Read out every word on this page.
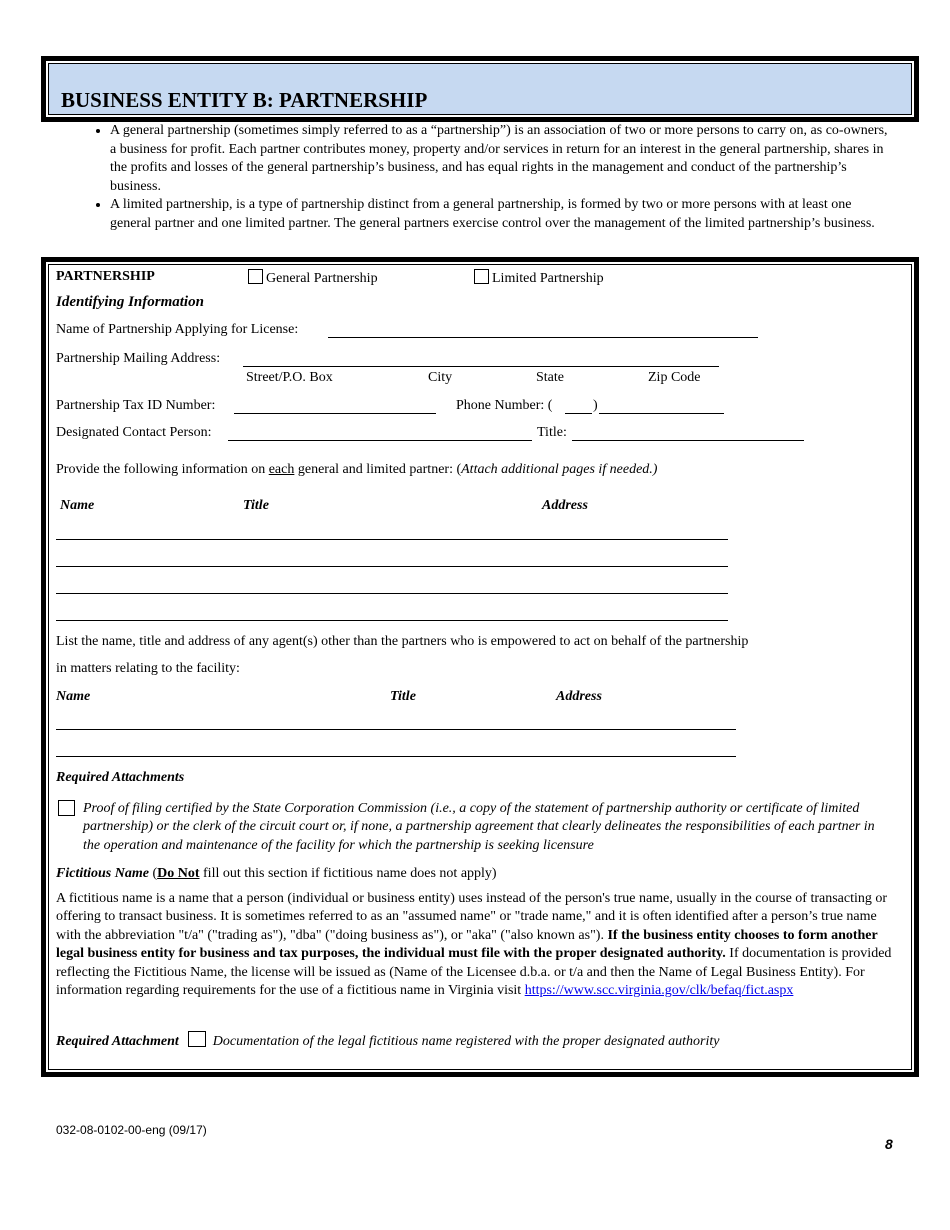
BUSINESS ENTITY B: PARTNERSHIP
• A general partnership (sometimes simply referred to as a “partnership”) is an association of two or more persons to carry on, as co-owners, a business for profit. Each partner contributes money, property and/or services in return for an interest in the general partnership, shares in the profits and losses of the general partnership’s business, and has equal rights in the management and conduct of the partnership’s business.
• A limited partnership, is a type of partnership distinct from a general partnership, is formed by two or more persons with at least one general partner and one limited partner. The general partners exercise control over the management of the limited partnership’s business.
PARTNERSHIP	General Partnership	Limited Partnership
Identifying Information
Name of Partnership Applying for License:
Partnership Mailing Address:
Street/P.O. Box	City	State	Zip Code
Partnership Tax ID Number:	Phone Number: (	)
Designated Contact Person:	Title:
Provide the following information on each general and limited partner: (Attach additional pages if needed.)
Name	Title	Address
List the name, title and address of any agent(s) other than the partners who is empowered to act on behalf of the partnership
in matters relating to the facility:
Name	Title	Address
Required Attachments
Proof of filing certified by the State Corporation Commission (i.e., a copy of the statement of partnership authority or certificate of limited partnership) or the clerk of the circuit court or, if none, a partnership agreement that clearly delineates the responsibilities of each partner in the operation and maintenance of the facility for which the partnership is seeking licensure
Fictitious Name (Do Not fill out this section if fictitious name does not apply)
A fictitious name is a name that a person (individual or business entity) uses instead of the person's true name, usually in the course of transacting or offering to transact business. It is sometimes referred to as an "assumed name" or "trade name," and it is often identified after a person’s true name with the abbreviation "t/a" ("trading as"), "dba" ("doing business as"), or "aka" ("also known as"). If the business entity chooses to form another legal business entity for business and tax purposes, the individual must file with the proper designated authority. If documentation is provided reflecting the Fictitious Name, the license will be issued as (Name of the Licensee d.b.a. or t/a and then the Name of Legal Business Entity). For information regarding requirements for the use of a fictitious name in Virginia visit https://www.scc.virginia.gov/clk/befaq/fict.aspx
Required Attachment Documentation of the legal fictitious name registered with the proper designated authority
032-08-0102-00-eng (09/17)
8
